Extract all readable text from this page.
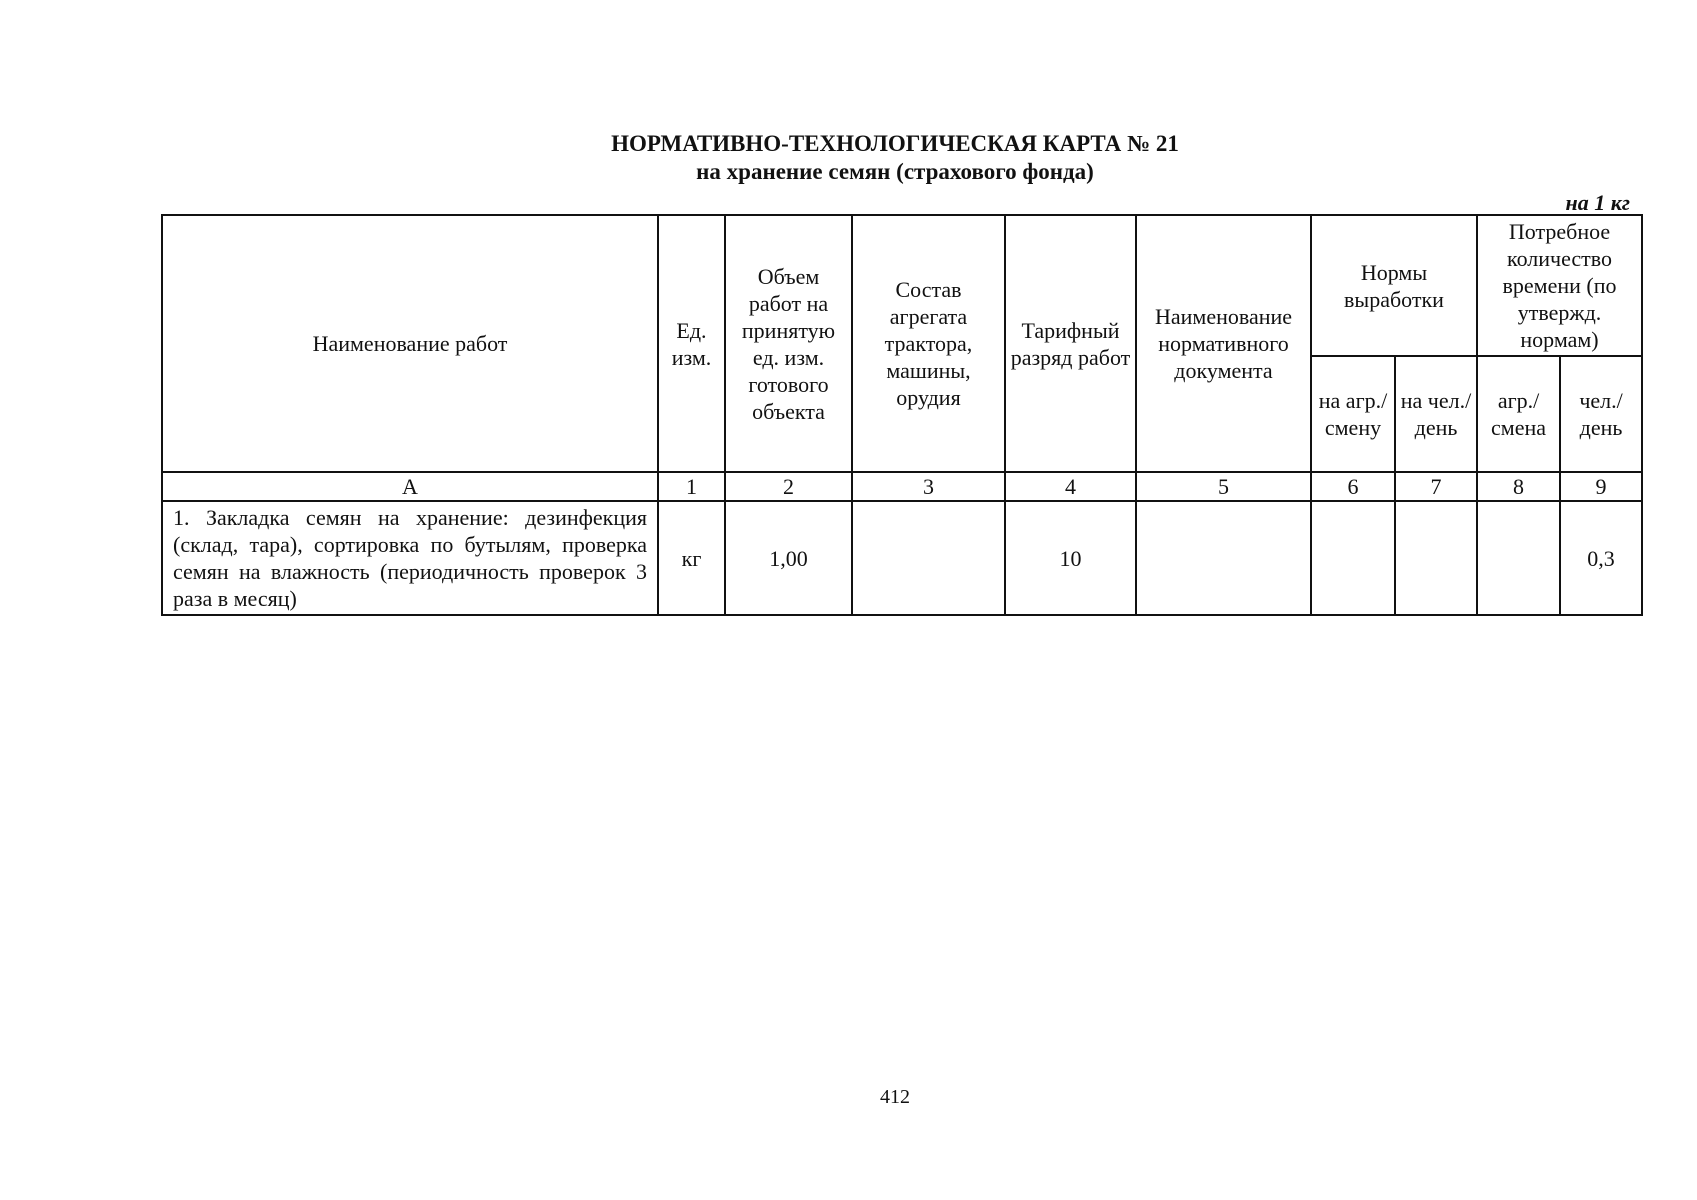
НОРМАТИВНО-ТЕХНОЛОГИЧЕСКАЯ КАРТА № 21
на хранение семян (страхового фонда)
на 1 кг
Наименование работ	Ед. изм.	Объем работ на принятую ед. изм. готового объекта	Состав агрегата трактора, машины, орудия	Тарифный разряд работ	Наименование нормативного документа	Нормы выработки		Потребное количество времени (по утвержд. нормам)	
						на агр./ смену	на чел./ день	агр./ смена	чел./ день
А	1	2	3	4	5	6	7	8	9
1. Закладка семян на хранение: дезинфекция (склад, тара), сортировка по бутылям, проверка семян на влажность (периодичность проверок 3 раза в месяц)	кг	1,00		10					0,3
412
